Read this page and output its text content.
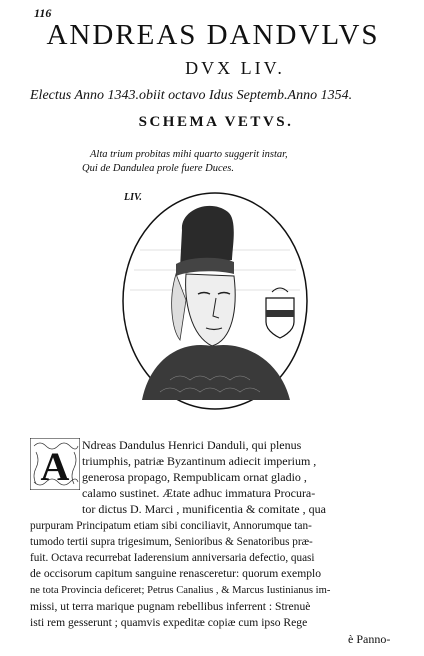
116
ANDREAS DANDVLVS
DVX LIV.
Electus Anno 1343.obiit octavo Idus Septemb.Anno 1354.
SCHEMA VETVS.
Alta trium probitas mihi quarto suggerit instar,
Qui de Dandulea prole fuere Duces.
LIV.
A Ndreas Dandulus Henrici Danduli, qui plenus
triumphis, patriæ Byzantinum adiecit imperium ,
generosa propago, Rempublicam ornat gladio ,
calamo sustinet. Ætate adhuc immatura Procura-
tor dictus D. Marci , munificentia & comitate , qua
purpuram Principatum etiam sibi conciliavit, Annorumque tan-
tumodo tertii supra trigesimum, Senioribus & Senatoribus præ-
fuit. Octava recurrebat Iaderensium anniversaria defectio, quasi
de occisorum capitum sanguine renasceretur: quorum exemplo
ne tota Provincia deficeret; Petrus Canalius , & Marcus Iustinianus im-
missi, ut terra marique pugnam rebellibus inferrent : Strenuè
isti rem gesserunt ; quamvis expeditæ copiæ cum ipso Rege
è Panno-
